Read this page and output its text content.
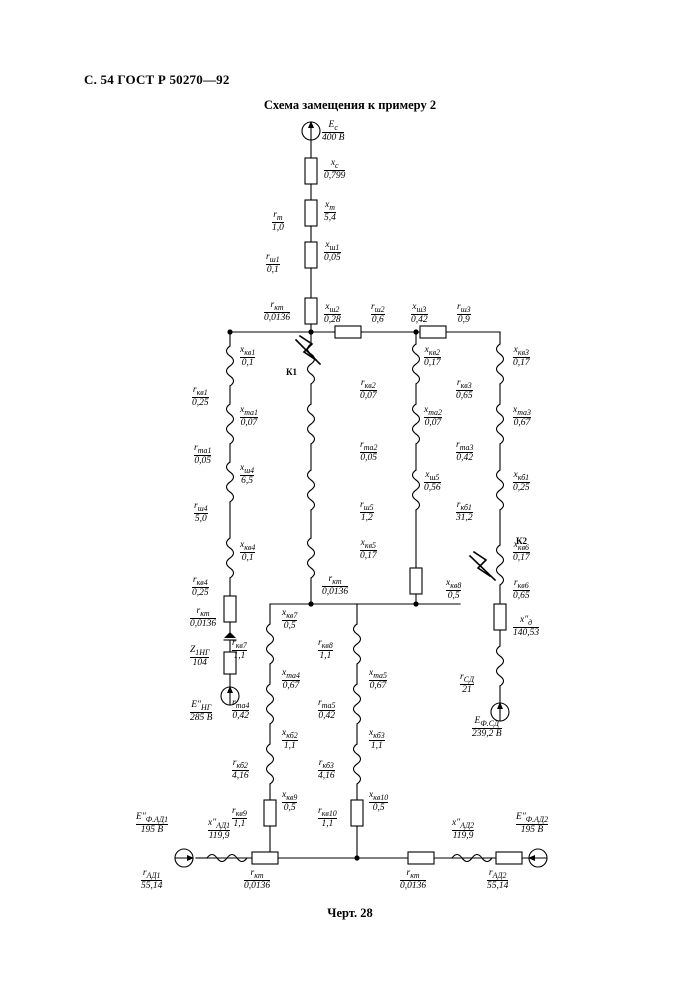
С. 54 ГОСТ Р 50270—92
Схема замещения к примеру 2
Черт. 28
$E_с$
400 В
$x_с$
0,799
$x_т$
5,4
$r_т$
1,0
$x_{ш1}$
0,05
$r_{ш1}$
0,1
$r_{кт}$
0,0136
$x_{ш2}$
0,28
$r_{ш2}$
0,6
$x_{ш3}$
0,42
$r_{ш3}$
0,9
$x_{кв1}$
0,1
$r_{кв1}$
0,25
$x_{та1}$
0,07
$r_{та1}$
0,05
$x_{ш4}$
6,5
$r_{ш4}$
5,0
$x_{кв4}$
0,1
$r_{кв4}$
0,25
$r_{кт}$
0,0136
$Z_{1НГ}$
104
$E''_{НГ}$
285 В
К1
К2
$r_{кв2}$
0,07
$r_{та2}$
0,05
$r_{ш5}$
1,2
$x_{кв5}$
0,17
$r_{кт}$
0,0136
$x_{кв2}$
0,17
$x_{та2}$
0,07
$x_{ш5}$
0,56
$x_{кв8}$
0,5
$x_{кв3}$
0,17
$r_{кв3}$
0,65
$x_{та3}$
0,67
$r_{та3}$
0,42
$x_{кб1}$
0,25
$r_{кб1}$
31,2
$x_{кв6}$
0,17
$r_{кв6}$
0,65
$x''_д$
140,53
$r_{СД}$
21
$E_{Ф.СД}$
239,2 В
$x_{кв7}$
0,5
$r_{кв7}$
1,1
$x_{та4}$
0,67
$r_{та4}$
0,42
$x_{кб2}$
1,1
$r_{кб2}$
4,16
$x_{кв9}$
0,5
$r_{кв9}$
1,1
$r_{кв8}$
1,1
$x_{та5}$
0,67
$r_{та5}$
0,42
$x_{кб3}$
1,1
$r_{кб3}$
4,16
$x_{кв10}$
0,5
$r_{кв10}$
1,1
$E''_{Ф.АД1}$
195 В
$x''_{АД1}$
119,9
$r_{АД1}$
55,14
$r_{кт}$
0,0136
$r_{кт}$
0,0136
$x''_{АД2}$
119,9
$r_{АД2}$
55,14
$E''_{Ф.АД2}$
195 В
